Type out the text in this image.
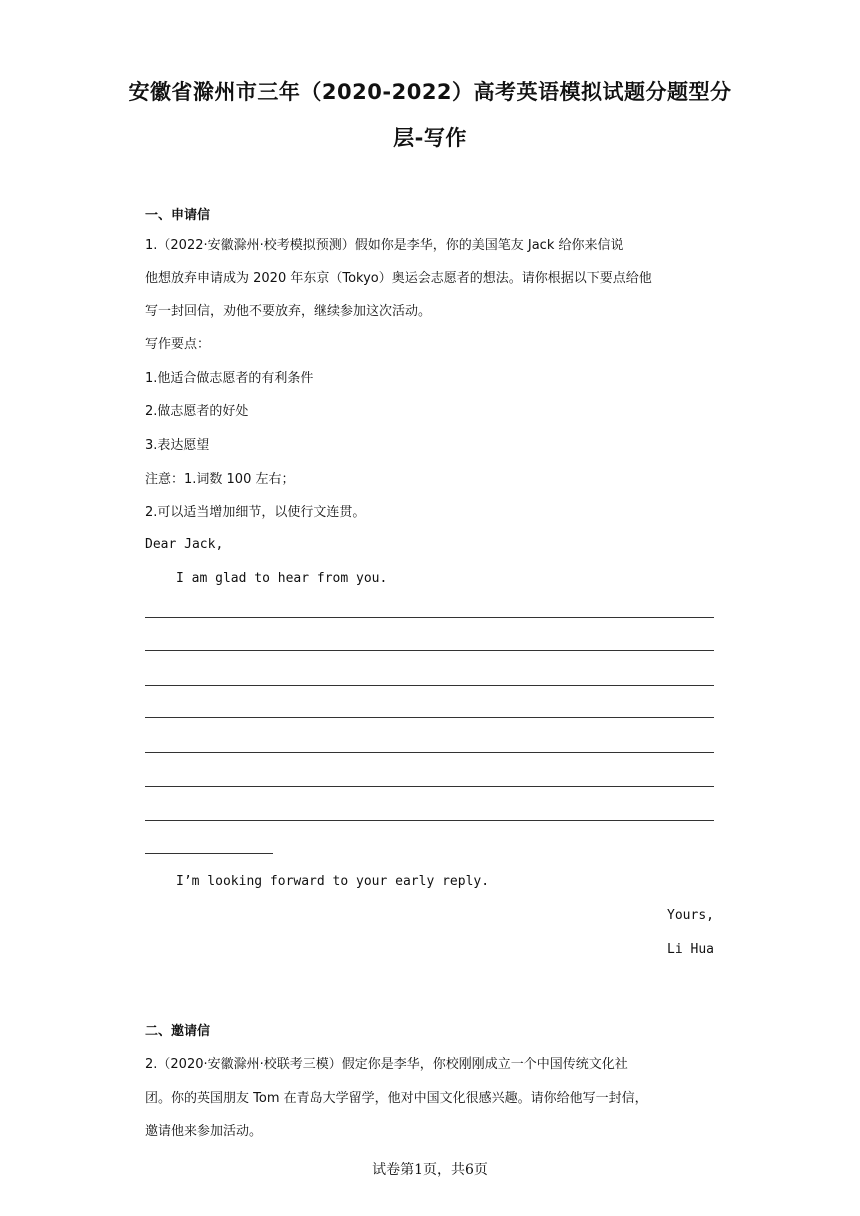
安徽省滁州市三年（2020-2022）高考英语模拟试题分题型分
层-写作
一、申请信
1.（2022·安徽滁州·校考模拟预测）假如你是李华，你的美国笔友 Jack 给你来信说
他想放弃申请成为 2020 年东京（Tokyo）奥运会志愿者的想法。请你根据以下要点给他
写一封回信，劝他不要放弃，继续参加这次活动。
写作要点：
1.他适合做志愿者的有利条件
2.做志愿者的好处
3.表达愿望
注意：1.词数 100 左右；
2.可以适当增加细节，以使行文连贯。
Dear Jack,
I am glad to hear from you.
I’m looking forward to your early reply.
Yours,
Li Hua
二、邀请信
2.（2020·安徽滁州·校联考三模）假定你是李华，你校刚刚成立一个中国传统文化社
团。你的英国朋友 Tom 在青岛大学留学，他对中国文化很感兴趣。请你给他写一封信，
邀请他来参加活动。
试卷第1页，共6页
